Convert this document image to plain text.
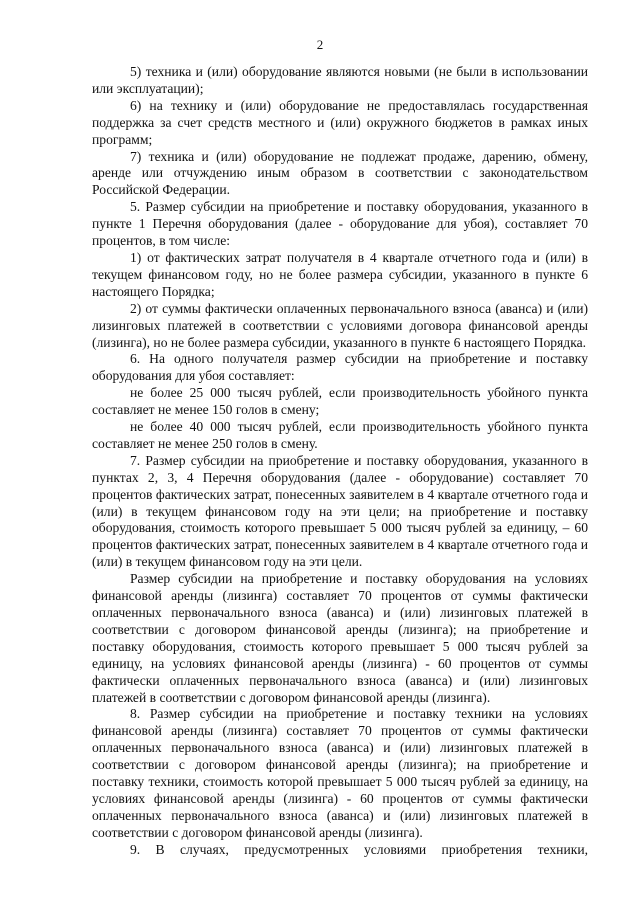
2

5) техника и (или) оборудование являются новыми (не были в использовании или эксплуатации);

6) на технику и (или) оборудование не предоставлялась государственная поддержка за счет средств местного и (или) окружного бюджетов в рамках иных программ;

7) техника и (или) оборудование не подлежат продаже, дарению, обмену, аренде или отчуждению иным образом в соответствии с законодательством Российской Федерации.

5. Размер субсидии на приобретение и поставку оборудования, указанного в пункте 1 Перечня оборудования (далее - оборудование для убоя), составляет 70 процентов, в том числе:

1) от фактических затрат получателя в 4 квартале отчетного года и (или) в текущем финансовом году, но не более размера субсидии, указанного в пункте 6 настоящего Порядка;

2) от суммы фактически оплаченных первоначального взноса (аванса) и (или) лизинговых платежей в соответствии с условиями договора финансовой аренды (лизинга), но не более размера субсидии, указанного в пункте 6 настоящего Порядка.

6. На одного получателя размер субсидии на приобретение и поставку оборудования для убоя составляет:

не более 25 000 тысяч рублей, если производительность убойного пункта составляет не менее 150 голов в смену;

не более 40 000 тысяч рублей, если производительность убойного пункта составляет не менее 250 голов в смену.

7. Размер субсидии на приобретение и поставку оборудования, указанного в пунктах 2, 3, 4 Перечня оборудования (далее - оборудование) составляет 70 процентов фактических затрат, понесенных заявителем в 4 квартале отчетного года и (или) в текущем финансовом году на эти цели; на приобретение и поставку оборудования, стоимость которого превышает 5 000 тысяч рублей за единицу, – 60 процентов фактических затрат, понесенных заявителем в 4 квартале отчетного года и (или) в текущем финансовом году на эти цели.

Размер субсидии на приобретение и поставку оборудования на условиях финансовой аренды (лизинга) составляет 70 процентов от суммы фактически оплаченных первоначального взноса (аванса) и (или) лизинговых платежей в соответствии с договором финансовой аренды (лизинга); на приобретение и поставку оборудования, стоимость которого превышает 5 000 тысяч рублей за единицу, на условиях финансовой аренды (лизинга) - 60 процентов от суммы фактически оплаченных первоначального взноса (аванса) и (или) лизинговых платежей в соответствии с договором финансовой аренды (лизинга).

8. Размер субсидии на приобретение и поставку техники на условиях финансовой аренды (лизинга) составляет 70 процентов от суммы фактически оплаченных первоначального взноса (аванса) и (или) лизинговых платежей в соответствии с договором финансовой аренды (лизинга); на приобретение и поставку техники, стоимость которой превышает 5 000 тысяч рублей за единицу, на условиях финансовой аренды (лизинга) - 60 процентов от суммы фактически оплаченных первоначального взноса (аванса) и (или) лизинговых платежей в соответствии с договором финансовой аренды (лизинга).

9. В случаях, предусмотренных условиями приобретения техники,
